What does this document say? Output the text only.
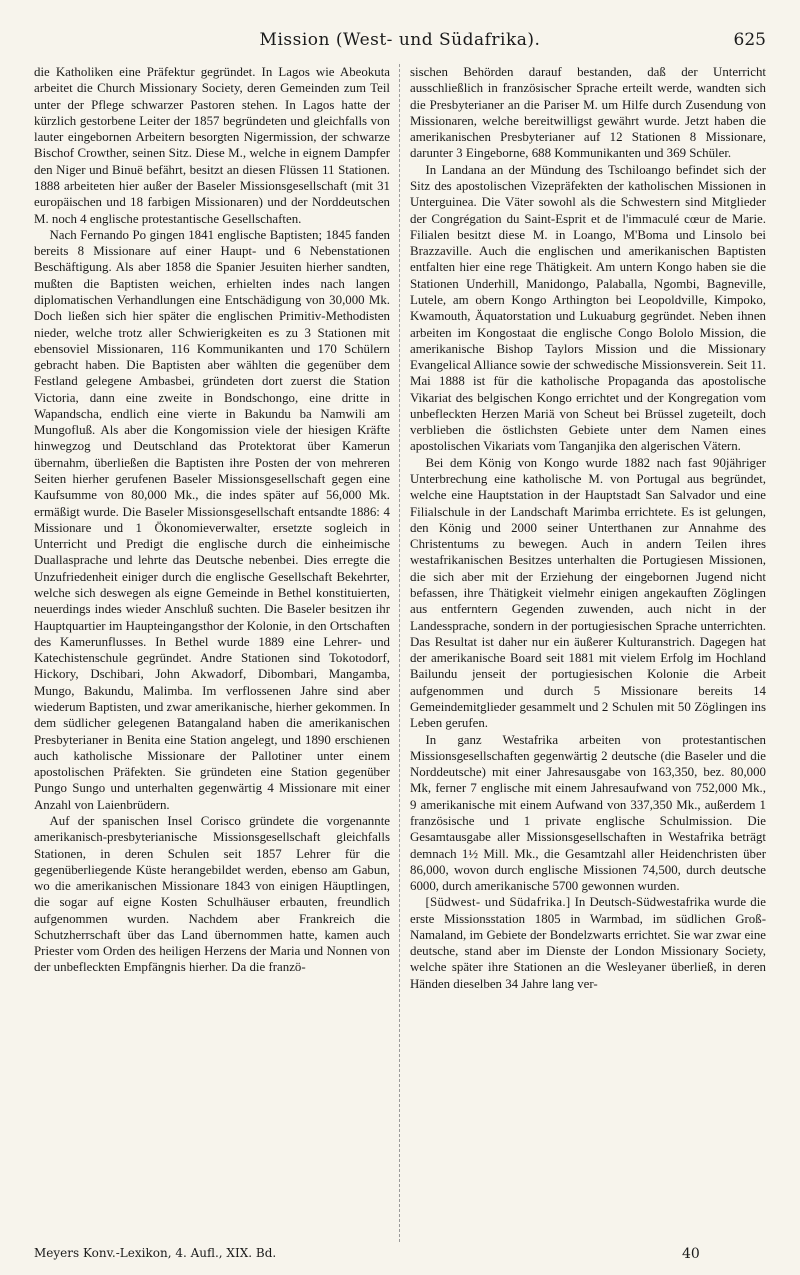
Mission (West- und Südafrika).	625

die Katholiken eine Präfektur gegründet. In Lagos wie Abeokuta arbeitet die Church Missionary Society, deren Gemeinden zum Teil unter der Pflege schwarzer Pastoren stehen. In Lagos hatte der kürzlich gestorbene Leiter der 1857 begründeten und gleichfalls von lauter eingebornen Arbeitern besorgten Nigermission, der schwarze Bischof Crowther, seinen Sitz. Diese M., welche in eignem Dampfer den Niger und Binuë befährt, besitzt an diesen Flüssen 11 Stationen. 1888 arbeiteten hier außer der Baseler Missionsgesellschaft (mit 31 europäischen und 18 farbigen Missionaren) und der Norddeutschen M. noch 4 englische protestantische Gesellschaften.

Nach Fernando Po gingen 1841 englische Baptisten; 1845 fanden bereits 8 Missionare auf einer Haupt- und 6 Nebenstationen Beschäftigung. Als aber 1858 die Spanier Jesuiten hierher sandten, mußten die Baptisten weichen, erhielten indes nach langen diplomatischen Verhandlungen eine Entschädigung von 30,000 Mk. Doch ließen sich hier später die englischen Primitiv-Methodisten nieder, welche trotz aller Schwierigkeiten es zu 3 Stationen mit ebensoviel Missionaren, 116 Kommunikanten und 170 Schülern gebracht haben. Die Baptisten aber wählten die gegenüber dem Festland gelegene Ambasbei, gründeten dort zuerst die Station Victoria, dann eine zweite in Bondschongo, eine dritte in Wapandscha, endlich eine vierte in Bakundu ba Namwili am Mungofluß. Als aber die Kongomission viele der hiesigen Kräfte hinwegzog und Deutschland das Protektorat über Kamerun übernahm, überließen die Baptisten ihre Posten der von mehreren Seiten hierher gerufenen Baseler Missionsgesellschaft gegen eine Kaufsumme von 80,000 Mk., die indes später auf 56,000 Mk. ermäßigt wurde. Die Baseler Missionsgesellschaft entsandte 1886: 4 Missionare und 1 Ökonomieverwalter, ersetzte sogleich in Unterricht und Predigt die englische durch die einheimische Duallasprache und lehrte das Deutsche nebenbei. Dies erregte die Unzufriedenheit einiger durch die englische Gesellschaft Bekehrter, welche sich deswegen als eigne Gemeinde in Bethel konstituierten, neuerdings indes wieder Anschluß suchten. Die Baseler besitzen ihr Hauptquartier im Haupteingangsthor der Kolonie, in den Ortschaften des Kamerunflusses. In Bethel wurde 1889 eine Lehrer- und Katechistenschule gegründet. Andre Stationen sind Tokotodorf, Hickory, Dschibari, John Akwadorf, Dibombari, Mangamba, Mungo, Bakundu, Malimba. Im verflossenen Jahre sind aber wiederum Baptisten, und zwar amerikanische, hierher gekommen. In dem südlicher gelegenen Batangaland haben die amerikanischen Presbyterianer in Benita eine Station angelegt, und 1890 erschienen auch katholische Missionare der Pallotiner unter einem apostolischen Präfekten. Sie gründeten eine Station gegenüber Pungo Sungo und unterhalten gegenwärtig 4 Missionare mit einer Anzahl von Laienbrüdern.

Auf der spanischen Insel Corisco gründete die vorgenannte amerikanisch-presbyterianische Missionsgesellschaft gleichfalls Stationen, in deren Schulen seit 1857 Lehrer für die gegenüberliegende Küste herangebildet werden, ebenso am Gabun, wo die amerikanischen Missionare 1843 von einigen Häuptlingen, die sogar auf eigne Kosten Schulhäuser erbauten, freundlich aufgenommen wurden. Nachdem aber Frankreich die Schutzherrschaft über das Land übernommen hatte, kamen auch Priester vom Orden des heiligen Herzens der Maria und Nonnen von der unbefleckten Empfängnis hierher. Da die franzö-

sischen Behörden darauf bestanden, daß der Unterricht ausschließlich in französischer Sprache erteilt werde, wandten sich die Presbyterianer an die Pariser M. um Hilfe durch Zusendung von Missionaren, welche bereitwilligst gewährt wurde. Jetzt haben die amerikanischen Presbyterianer auf 12 Stationen 8 Missionare, darunter 3 Eingeborne, 688 Kommunikanten und 369 Schüler.

In Landana an der Mündung des Tschiloango befindet sich der Sitz des apostolischen Vizepräfekten der katholischen Missionen in Unterguinea. Die Väter sowohl als die Schwestern sind Mitglieder der Congrégation du Saint-Esprit et de l'immaculé cœur de Marie. Filialen besitzt diese M. in Loango, M'Boma und Linsolo bei Brazzaville. Auch die englischen und amerikanischen Baptisten entfalten hier eine rege Thätigkeit. Am untern Kongo haben sie die Stationen Underhill, Manidongo, Palaballa, Ngombi, Bagneville, Lutele, am obern Kongo Arthington bei Leopoldville, Kimpoko, Kwamouth, Äquatorstation und Lukuaburg gegründet. Neben ihnen arbeiten im Kongostaat die englische Congo Bololo Mission, die amerikanische Bishop Taylors Mission und die Missionary Evangelical Alliance sowie der schwedische Missionsverein. Seit 11. Mai 1888 ist für die katholische Propaganda das apostolische Vikariat des belgischen Kongo errichtet und der Kongregation vom unbefleckten Herzen Mariä von Scheut bei Brüssel zugeteilt, doch verblieben die östlichsten Gebiete unter dem Namen eines apostolischen Vikariats vom Tanganjika den algerischen Vätern.

Bei dem König von Kongo wurde 1882 nach fast 90jähriger Unterbrechung eine katholische M. von Portugal aus begründet, welche eine Hauptstation in der Hauptstadt San Salvador und eine Filialschule in der Landschaft Marimba errichtete. Es ist gelungen, den König und 2000 seiner Unterthanen zur Annahme des Christentums zu bewegen. Auch in andern Teilen ihres westafrikanischen Besitzes unterhalten die Portugiesen Missionen, die sich aber mit der Erziehung der eingebornen Jugend nicht befassen, ihre Thätigkeit vielmehr einigen angekauften Zöglingen aus entferntern Gegenden zuwenden, auch nicht in der Landessprache, sondern in der portugiesischen Sprache unterrichten. Das Resultat ist daher nur ein äußerer Kulturanstrich. Dagegen hat der amerikanische Board seit 1881 mit vielem Erfolg im Hochland Bailundu jenseit der portugiesischen Kolonie die Arbeit aufgenommen und durch 5 Missionare bereits 14 Gemeindemitglieder gesammelt und 2 Schulen mit 50 Zöglingen ins Leben gerufen.

In ganz Westafrika arbeiten von protestantischen Missionsgesellschaften gegenwärtig 2 deutsche (die Baseler und die Norddeutsche) mit einer Jahresausgabe von 163,350, bez. 80,000 Mk, ferner 7 englische mit einem Jahresaufwand von 752,000 Mk., 9 amerikanische mit einem Aufwand von 337,350 Mk., außerdem 1 französische und 1 private englische Schulmission. Die Gesamtausgabe aller Missionsgesellschaften in Westafrika beträgt demnach 1½ Mill. Mk., die Gesamtzahl aller Heidenchristen über 86,000, wovon durch englische Missionen 74,500, durch deutsche 6000, durch amerikanische 5700 gewonnen wurden.

[Südwest- und Südafrika.] In Deutsch-Südwestafrika wurde die erste Missionsstation 1805 in Warmbad, im südlichen Groß-Namaland, im Gebiete der Bondelzwarts errichtet. Sie war zwar eine deutsche, stand aber im Dienste der London Missionary Society, welche später ihre Stationen an die Wesleyaner überließ, in deren Händen dieselben 34 Jahre lang ver-

Meyers Konv.-Lexikon, 4. Aufl., XIX. Bd.	40
